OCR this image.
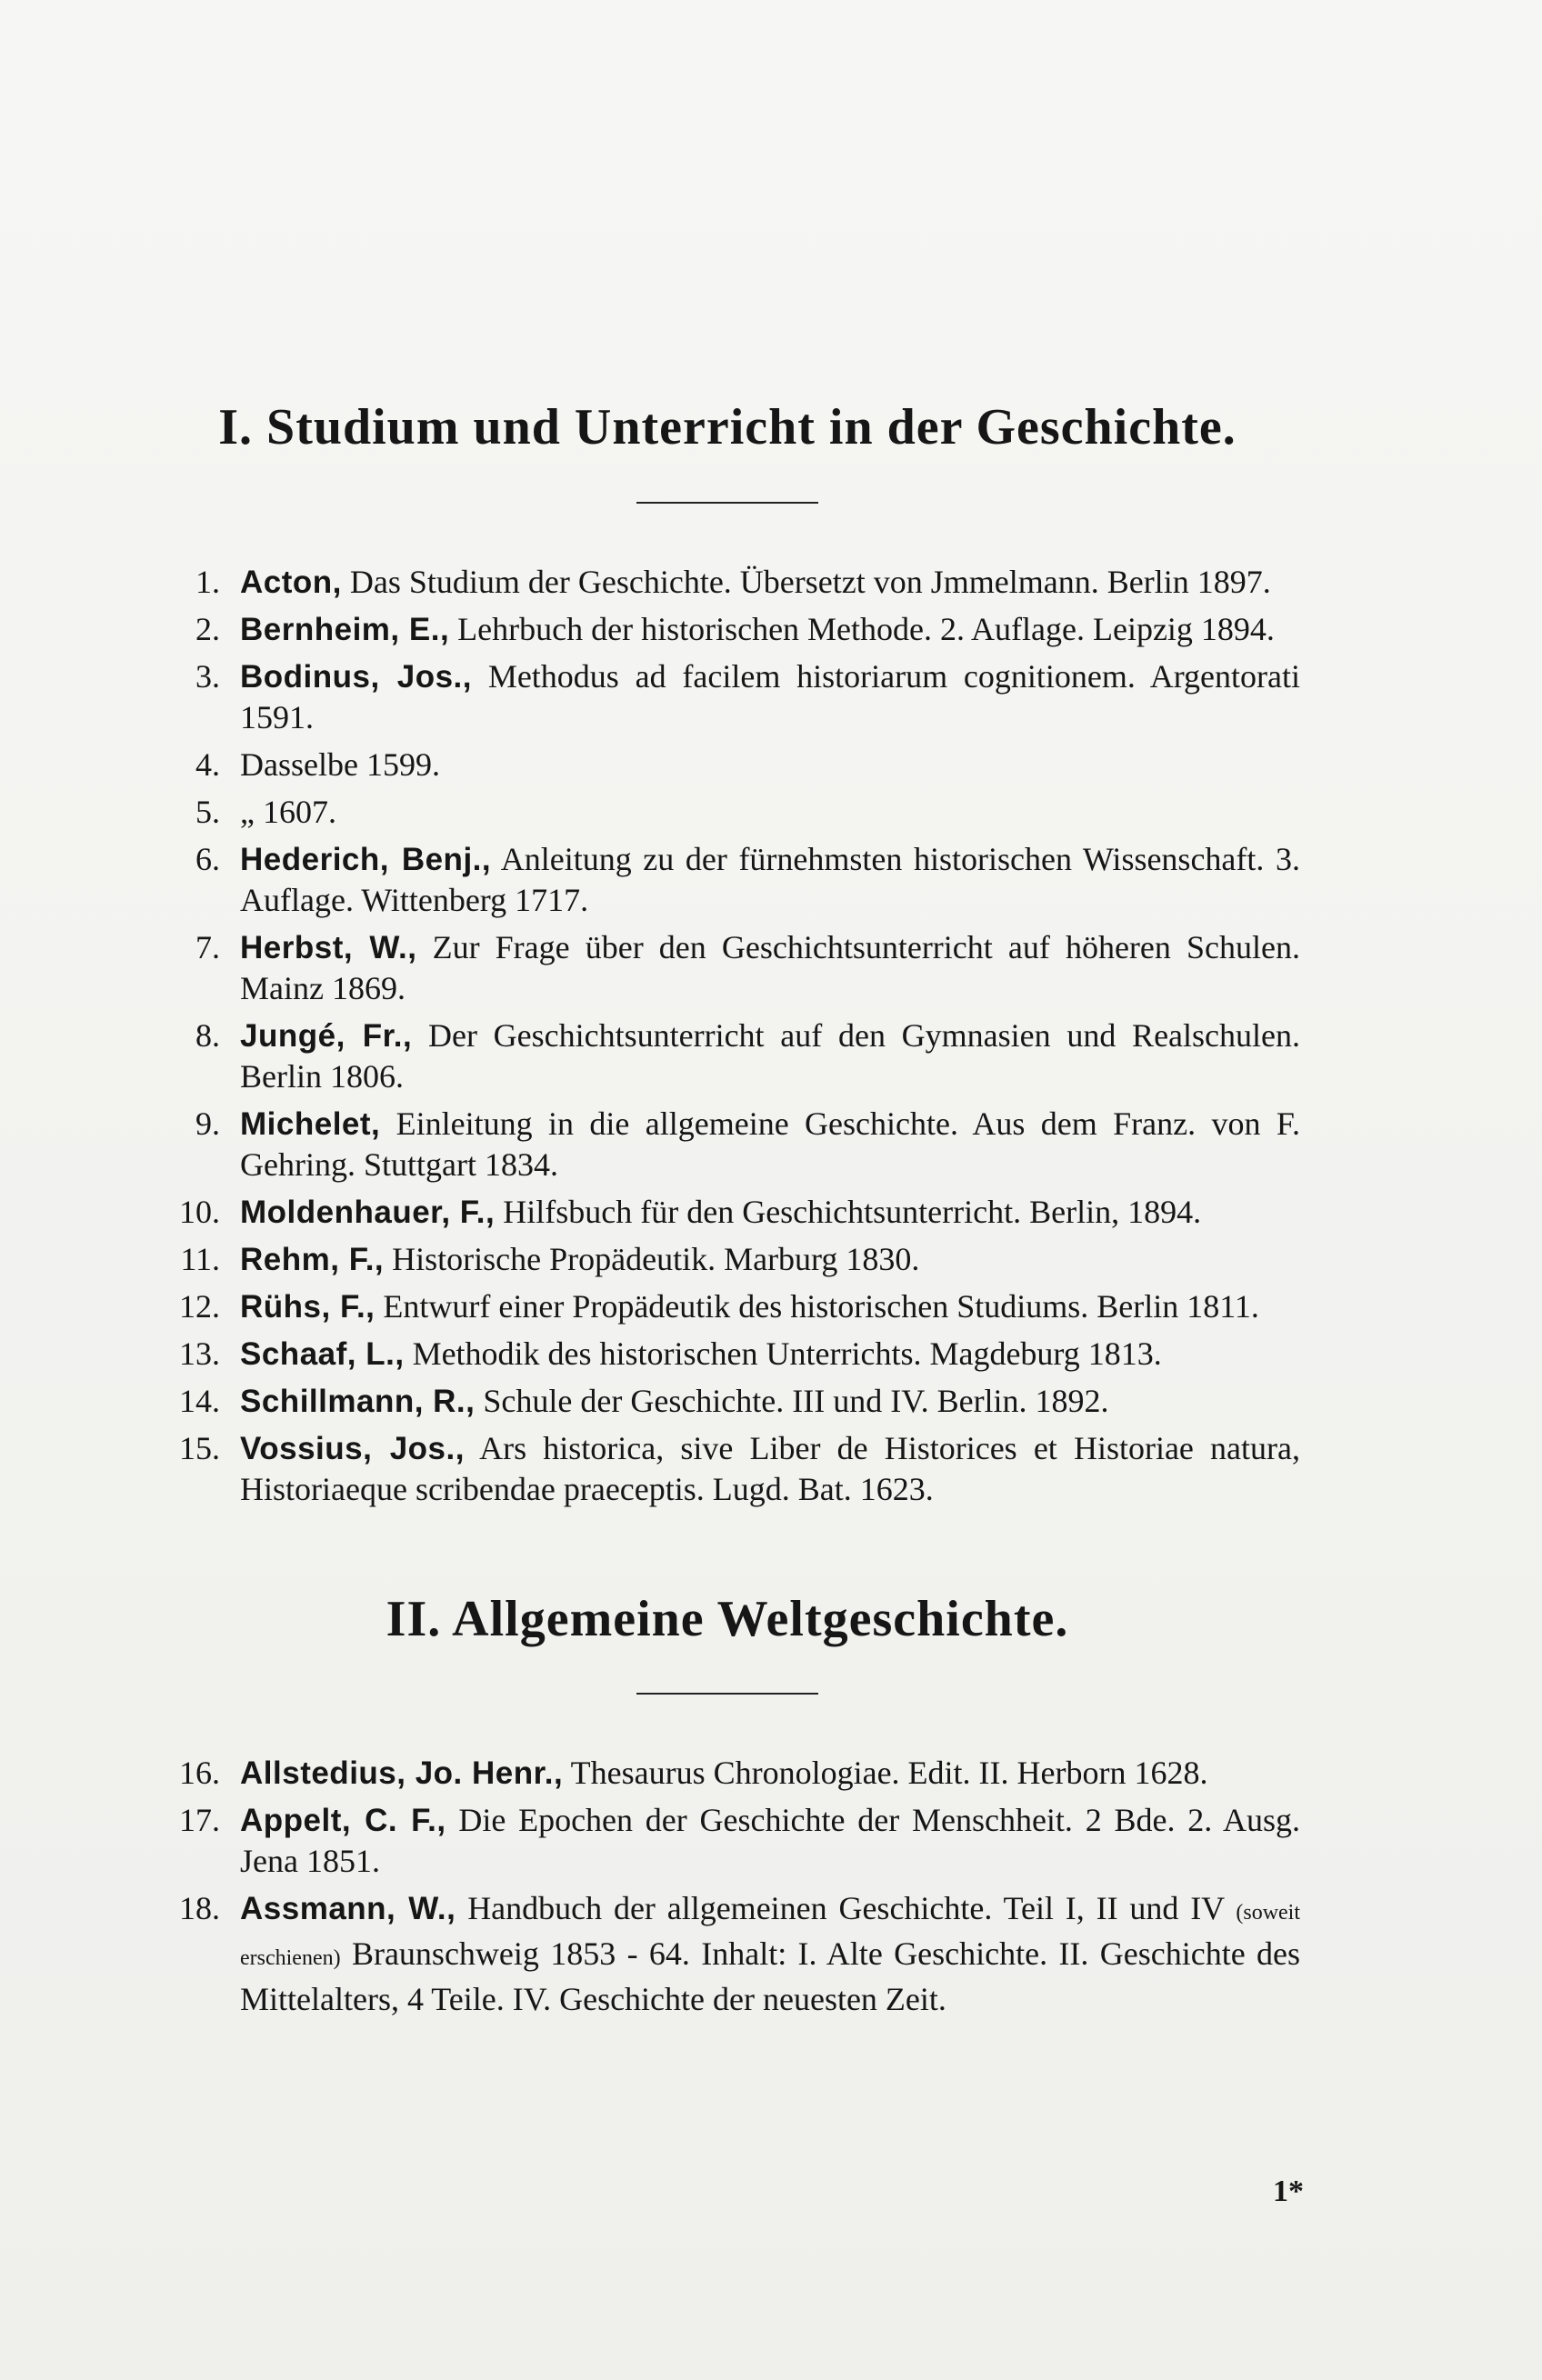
I. Studium und Unterricht in der Geschichte.
1. Acton, Das Studium der Geschichte. Übersetzt von Jmmelmann. Berlin 1897.
2. Bernheim, E., Lehrbuch der historischen Methode. 2. Auflage. Leipzig 1894.
3. Bodinus, Jos., Methodus ad facilem historiarum cognitionem. Argentorati 1591.
4. Dasselbe 1599.
5. „ 1607.
6. Hederich, Benj., Anleitung zu der fürnehmsten historischen Wissenschaft. 3. Auflage. Wittenberg 1717.
7. Herbst, W., Zur Frage über den Geschichtsunterricht auf höheren Schulen. Mainz 1869.
8. Jungé, Fr., Der Geschichtsunterricht auf den Gymnasien und Realschulen. Berlin 1806.
9. Michelet, Einleitung in die allgemeine Geschichte. Aus dem Franz. von F. Gehring. Stuttgart 1834.
10. Moldenhauer, F., Hilfsbuch für den Geschichtsunterricht. Berlin, 1894.
11. Rehm, F., Historische Propädeutik. Marburg 1830.
12. Rühs, F., Entwurf einer Propädeutik des historischen Studiums. Berlin 1811.
13. Schaaf, L., Methodik des historischen Unterrichts. Magdeburg 1813.
14. Schillmann, R., Schule der Geschichte. III und IV. Berlin. 1892.
15. Vossius, Jos., Ars historica, sive Liber de Historices et Historiae natura, Historiaeque scribendae praeceptis. Lugd. Bat. 1623.
II. Allgemeine Weltgeschichte.
16. Allstedius, Jo. Henr., Thesaurus Chronologiae. Edit. II. Herborn 1628.
17. Appelt, C. F., Die Epochen der Geschichte der Menschheit. 2 Bde. 2. Ausg. Jena 1851.
18. Assmann, W., Handbuch der allgemeinen Geschichte. Teil I, II und IV (soweit erschienen) Braunschweig 1853 - 64. Inhalt: I. Alte Geschichte. II. Geschichte des Mittelalters, 4 Teile. IV. Geschichte der neuesten Zeit.
1*
